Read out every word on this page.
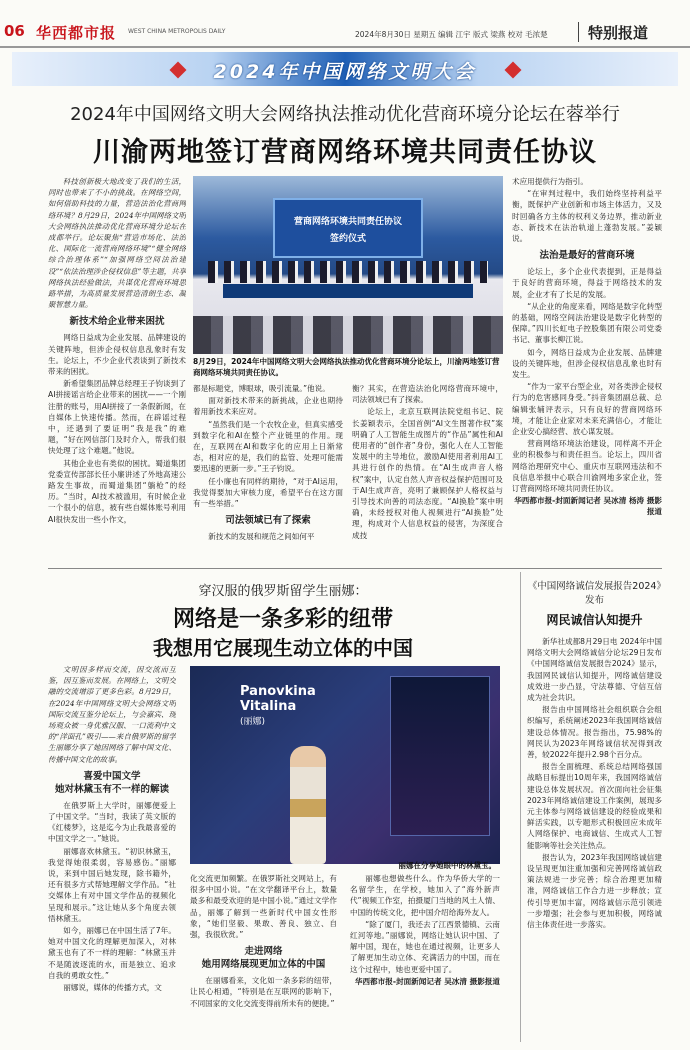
06 华西都市报 WEST CHINA METROPOLIS DAILY	2024年8月30日 星期五 编辑 江宇 版式 梁燕 校对 毛浓楚	特别报道
2024年中国网络文明大会
2024年中国网络文明大会网络执法推动优化营商环境分论坛在蓉举行
川渝两地签订营商网络环境共同责任协议
科技创新极大地改变了我们的生活，同时也带来了不小的挑战。在网络空间，如何借助科技的力量，营造法治化营商网络环境？8月29日，2024年中国网络文明大会网络执法推动优化营商环境分论坛在成都举行。论坛聚焦“营造市场化、法治化、国际化一流营商网络环境”“健全网络综合治理体系”“加强网络空间法治建设”“依法治理涉企侵权信息”等主题，共享网络执法经验做法，共谋优化营商环境思路举措，为高质量发展营造清朗生态、凝聚智慧力量。
新技术给企业带来困扰
网络日益成为企业发展、品牌建设的关键阵地，但涉企侵权信息乱象时有发生。论坛上，不少企业代表谈到了新技术带来的困扰。
新希望集团品牌总经理王子钧谈到了AI拼接谣言给企业带来的困扰——一个刚注册的账号，用AI拼接了一条假新闻，在自媒体上快速传播。然而，在辟谣过程中，还遇到了要证明“我是我”的难题，“好在网信部门及时介入，帮我们很快处理了这个难题。”他说。
其他企业也有类似的困扰。蜀道集团党委宣传部部长任小廉讲述了外地高速公路发生事故，而蜀道集团“躺枪”的经历。“当时，AI技术被滥用，有时候企业一个很小的信息，被有些自媒体账号利用AI很快发出一些小作文，
营商网络环境共同责任协议
签约仪式
8月29日，2024年中国网络文明大会网络执法推动优化营商环境分论坛上，川渝两地签订营商网络环境共同责任协议。
都是标题党，博眼球，吸引流量。”他说。
面对新技术带来的新挑战，企业也期待着用新技术来应对。
“虽然我们是一个农牧企业，但真实感受到数字化和AI在整个产业链里的作用。现在，互联网在AI和数字化的应用上日渐常态，相对应的是，我们的监管、处理可能需要迅速的更新一步。”王子钧说。
任小廉也有同样的期待，“对于AI运用，我觉得要加大审核力度，希望平台在这方面有一些举措。”
司法领域已有了探索
新技术的发展和规范之间如何平
衡？其实，在营造法治化网络营商环境中，司法领域已有了探索。
论坛上，北京互联网法院党组书记、院长姜颖表示，全国首例“AI文生图著作权”案明确了人工智能生成图片的“作品”属性和AI使用者的“创作者”身份，强化人在人工智能发展中的主导地位，激励AI使用者利用AI工具进行创作的热情。在“AI生成声音人格权”案中，认定自然人声音权益保护范围可及于AI生成声音，亮明了兼顾保护人格权益与引导技术向善的司法态度。“AI换脸”案中明确，未经授权对他人视频进行“AI换脸”处理，构成对个人信息权益的侵害，为深度合成技
术应用提供行为指引。
“在审判过程中，我们始终坚持利益平衡，既保护产业创新和市场主体活力，又及时回确各方主体的权利义务边界，推动新业态、新技术在法治轨道上蓬勃发展。”姜颖说。
法治是最好的营商环境
论坛上，多个企业代表提到，正是得益于良好的营商环境，得益于网络技术的发展，企业才有了长足的发展。
“从企业的角度来看，网络是数字化转型的基础，网络空间法治建设是数字化转型的保障。”四川长虹电子控股集团有限公司党委书记、董事长柳江说。
如今，网络日益成为企业发展、品牌建设的关键阵地，但涉企侵权信息乱象也时有发生。
“作为一家平台型企业，对各类涉企侵权行为的危害感同身受。”抖音集团副总裁、总编辑张辅评表示，只有良好的营商网络环境，才能让企业家对未来充满信心，才能让企业安心搞经营、放心谋发展。
营商网络环境法治建设，同样离不开企业的积极参与和责任担当。论坛上，四川省网络治理研究中心、重庆市互联网违法和不良信息举报中心联合川渝网地多家企业，签订营商网络环境共同责任协议。
华西都市报-封面新闻记者 吴冰清 杨涛 摄影报道
穿汉服的俄罗斯留学生丽娜：
网络是一条多彩的纽带
我想用它展现生动立体的中国
文明因多样而交流，因交流而互鉴，因互鉴而发展。在网络上，文明交融的交流增添了更多色彩。8月29日，在2024年中国网络文明大会网络文明国际交流互鉴分论坛上，与会嘉宾、现场观众被一身优雅汉服、一口流利中文的“洋面孔”吸引——来自俄罗斯的留学生丽娜分享了她因网络了解中国文化、传播中国文化的故事。
喜爱中国文学
她对林黛玉有不一样的解读
在俄罗斯上大学时，丽娜便爱上了中国文学。“当时，我读了英文版的《红楼梦》，这是迄今为止我最喜爱的中国文学之一。”她说。
丽娜喜欢林黛玉。“初识林黛玉，我觉得她很柔弱，容易感伤。”丽娜说，来到中国后她发现，除书籍外，还有很多方式帮她理解文学作品。“社交媒体上有对中国文学作品的视频化呈现和展示。”这让她从多个角度去领悟林黛玉。
如今，丽娜已在中国生活了7年。她对中国文化的理解更加深入，对林黛玉也有了不一样的理解：“林黛玉并不是随波逐流的水，而是独立、追求自我的勇敢女性。”
丽娜说，媒体的传播方式，文
Panovkina
Vitalina
(丽娜)
丽娜在分享她眼中的林黛玉。
化交流更加频繁。在俄罗斯社交网站上，有很多中国小说。“在文学翻译平台上，数量最多和最受欢迎的是中国小说。”通过文学作品，丽娜了解到一些新时代中国女性形象，“她们坚毅、果敢、善良、独立、自强，我很欣赏。”
走进网络
她用网络展现更加立体的中国
在丽娜看来，文化如一条多彩的纽带，让民心相通，“特别是在互联网的影响下，不同国家的文化交流变得前所未有的便捷。”
丽娜也想做些什么。作为华侨大学的一名留学生，在学校，她加入了“海外新声代”视频工作室，拍摄厦门当地的风土人情、中国的传统文化，把中国介绍给海外友人。
“除了厦门，我还去了江西景德镇、云南红河等地。”丽娜说，网络让她认识中国、了解中国，现在，她也在通过视频，让更多人了解更加生动立体、充满活力的中国，而在这个过程中，她也更爱中国了。
华西都市报-封面新闻记者 吴冰清 摄影报道
《中国网络诚信发展报告2024》发布
网民诚信认知提升
新华社成都8月29日电 2024年中国网络文明大会网络诚信分论坛29日发布《中国网络诚信发展报告2024》显示，我国网民诚信认知提升，网络诚信建设成效进一步凸显，守法尊德、守信互信成为社会共识。
报告由中国网络社会组织联合会组织编写，系统阐述2023年我国网络诚信建设总体情况。报告指出，75.98%的网民认为2023年网络诚信状况得到改善，较2022年提升2.98个百分点。
报告全面梳理、系统总结网络强国战略目标提出10周年来，我国网络诚信建设总体发展状况。首次面向社会征集2023年网络诚信建设工作案例，展现多元主体参与网络诚信建设的经验成果和鲜活实践，以专题形式积极回应未成年人网络保护、电商诚信、生成式人工智能影响等社会关注热点。
报告认为，2023年我国网络诚信建设呈现更加注重加强和完善网络诚信政策法规进一步完善；综合治理更加精准，网络诚信工作合力进一步释放；宣传引导更加丰富，网络诚信示范引领进一步增强；社会参与更加积极，网络诚信主体责任进一步落实。
